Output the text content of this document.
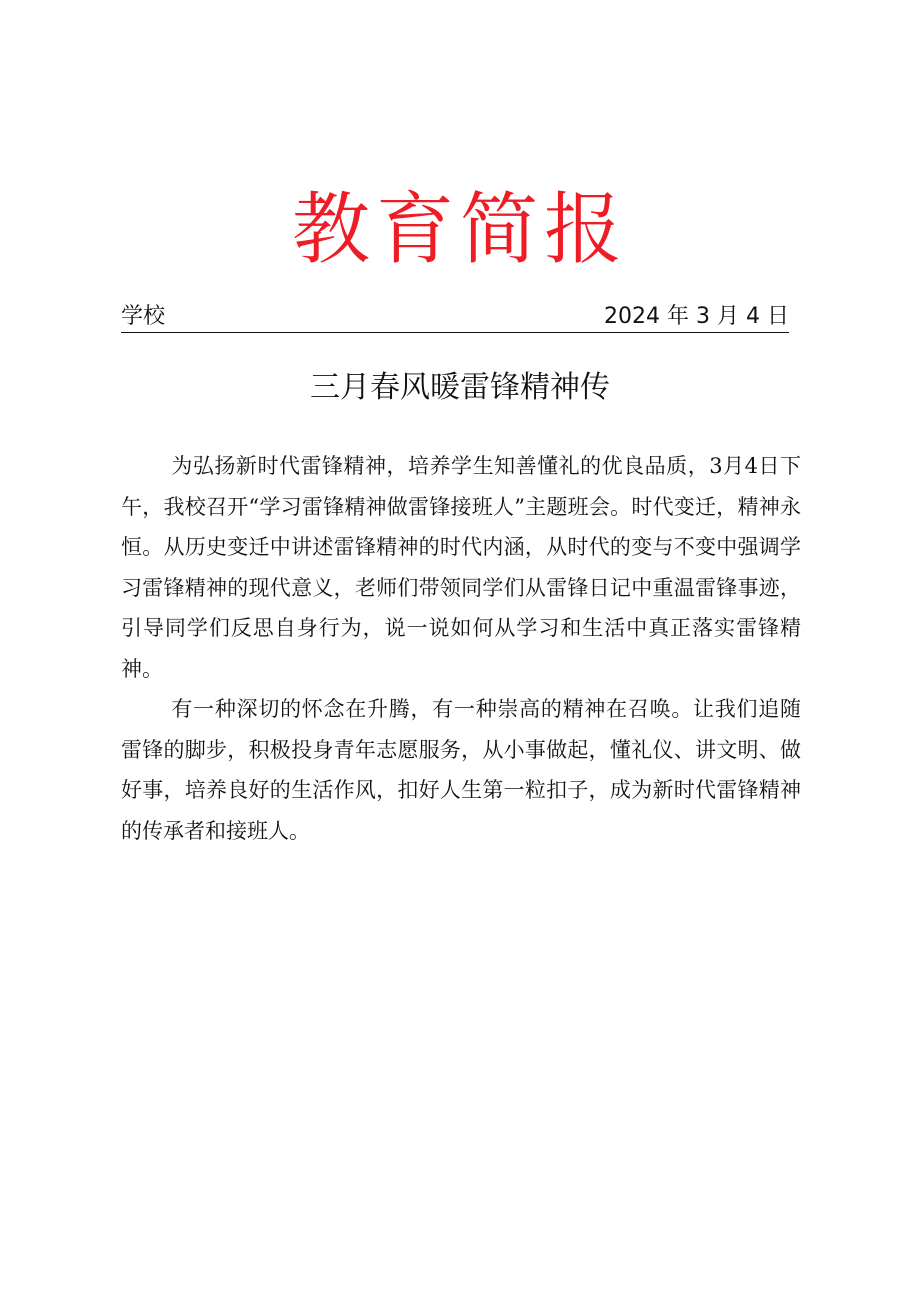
教育简报
学校	2024 年 3 月 4 日
三月春风暖雷锋精神传

为弘扬新时代雷锋精神，培养学生知善懂礼的优良品质，3月4日下午，我校召开“学习雷锋精神做雷锋接班人”主题班会。时代变迁，精神永恒。从历史变迁中讲述雷锋精神的时代内涵，从时代的变与不变中强调学习雷锋精神的现代意义，老师们带领同学们从雷锋日记中重温雷锋事迹，引导同学们反思自身行为，说一说如何从学习和生活中真正落实雷锋精神。

有一种深切的怀念在升腾，有一种崇高的精神在召唤。让我们追随雷锋的脚步，积极投身青年志愿服务，从小事做起，懂礼仪、讲文明、做好事，培养良好的生活作风，扣好人生第一粒扣子，成为新时代雷锋精神的传承者和接班人。
